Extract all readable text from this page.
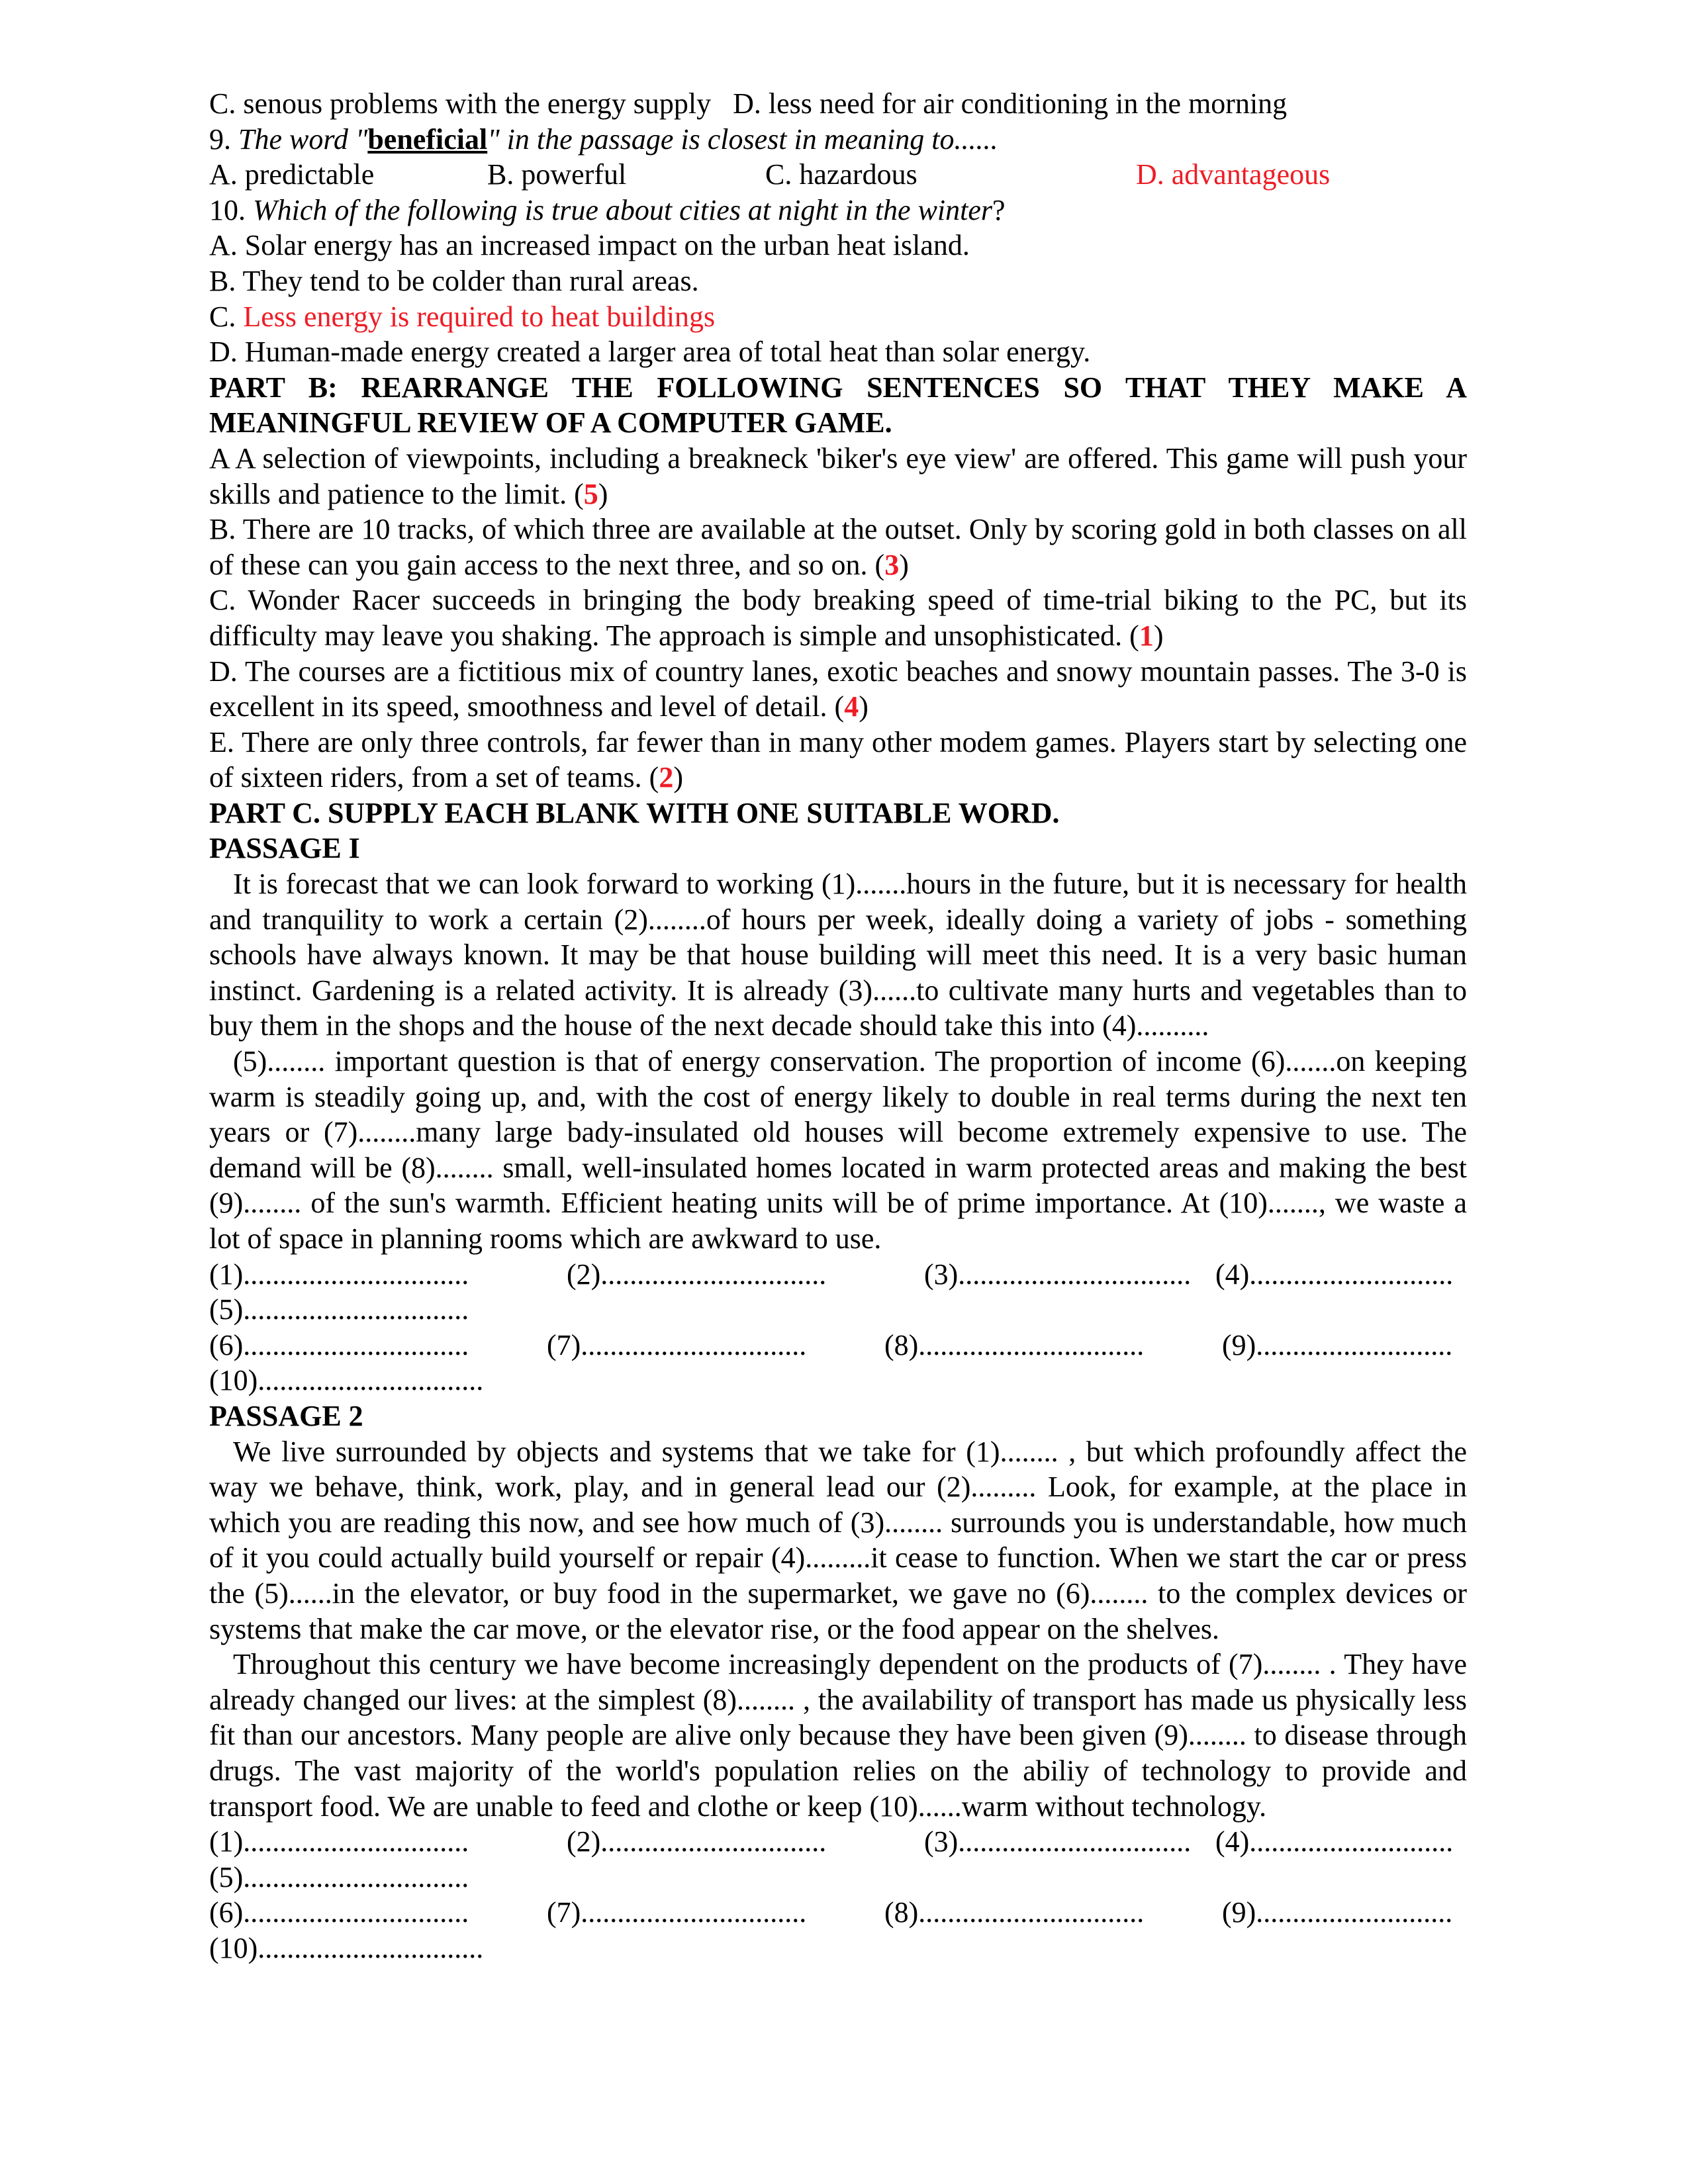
C. senous problems with the energy supply D. less need for air conditioning in the morning
9. The word "beneficial" in the passage is closest in meaning to......
A. predictable	B. powerful	C. hazardous	D. advantageous
10. Which of the following is true about cities at night in the winter?
A. Solar energy has an increased impact on the urban heat island.
B. They tend to be colder than rural areas.
C. Less energy is required to heat buildings
D. Human-made energy created a larger area of total heat than solar energy.

PART B: REARRANGE THE FOLLOWING SENTENCES SO THAT THEY MAKE A MEANINGFUL REVIEW OF A COMPUTER GAME.

A A selection of viewpoints, including a breakneck 'biker's eye view' are offered. This game will push your skills and patience to the limit. (5)

B. There are 10 tracks, of which three are available at the outset. Only by scoring gold in both classes on all of these can you gain access to the next three, and so on. (3)

C. Wonder Racer succeeds in bringing the body breaking speed of time-trial biking to the PC, but its difficulty may leave you shaking. The approach is simple and unsophisticated. (1)

D. The courses are a fictitious mix of country lanes, exotic beaches and snowy mountain passes. The 3-0 is excellent in its speed, smoothness and level of detail. (4)

E. There are only three controls, far fewer than in many other modem games. Players start by selecting one of sixteen riders, from a set of teams. (2)

PART C. SUPPLY EACH BLANK WITH ONE SUITABLE WORD.

PASSAGE I

It is forecast that we can look forward to working (1).......hours in the future, but it is necessary for health and tranquility to work a certain (2)........of hours per week, ideally doing a variety of jobs - something schools have always known. It may be that house building will meet this need. It is a very basic human instinct. Gardening is a related activity. It is already (3)......to cultivate many hurts and vegetables than to buy them in the shops and the house of the next decade should take this into (4)..........

(5)........ important question is that of energy conservation. The proportion of income (6).......on keeping warm is steadily going up, and, with the cost of energy likely to double in real terms during the next ten years or (7)........many large bady-insulated old houses will become extremely expensive to use. The demand will be (8)........ small, well-insulated homes located in warm protected areas and making the best (9)........ of the sun's warmth. Efficient heating units will be of prime importance. At (10)......., we waste a lot of space in planning rooms which are awkward to use.

(1)...............................	(2)...............................	(3)................................ (4)............................
(5)...............................
(6)...............................	(7)...............................	(8)...............................	(9)...........................
(10)...............................

PASSAGE 2

We live surrounded by objects and systems that we take for (1)........ , but which profoundly affect the way we behave, think, work, play, and in general lead our (2)......... Look, for example, at the place in which you are reading this now, and see how much of (3)........ surrounds you is understandable, how much of it you could actually build yourself or repair (4).........it cease to function. When we start the car or press the (5)......in the elevator, or buy food in the supermarket, we gave no (6)........ to the complex devices or systems that make the car move, or the elevator rise, or the food appear on the shelves.

Throughout this century we have become increasingly dependent on the products of (7)........ . They have already changed our lives: at the simplest (8)........ , the availability of transport has made us physically less fit than our ancestors. Many people are alive only because they have been given (9)........ to disease through drugs. The vast majority of the world's population relies on the abiliy of technology to provide and transport food. We are unable to feed and clothe or keep (10)......warm without technology.

(1)...............................	(2)...............................	(3)................................ (4)............................
(5)...............................
(6)...............................	(7)...............................	(8)...............................	(9)...........................
(10)...............................
